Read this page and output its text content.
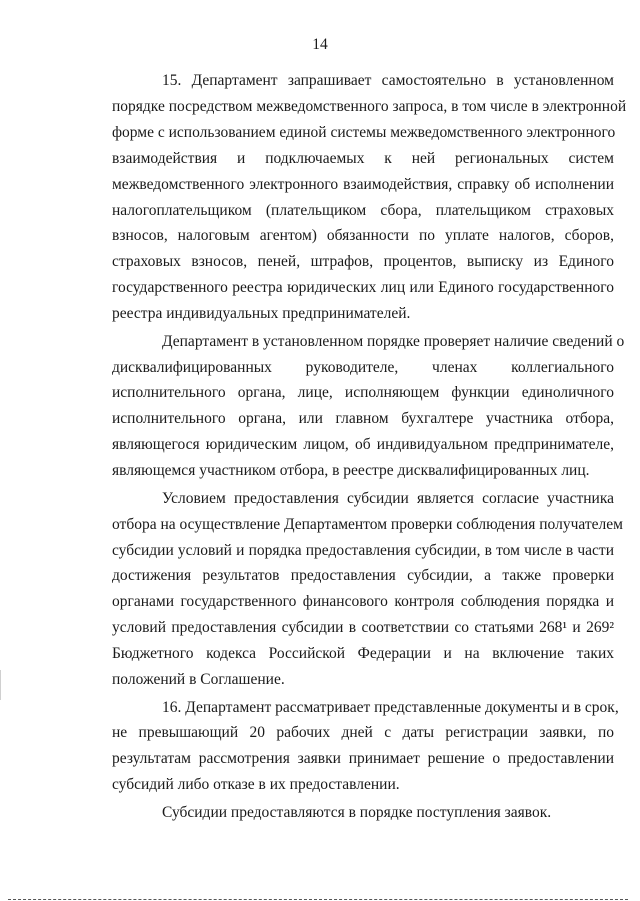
14
15. Департамент запрашивает самостоятельно в установленном
порядке посредством межведомственного запроса, в том числе в электронной
форме с использованием единой системы межведомственного электронного
взаимодействия и подключаемых к ней региональных систем
межведомственного электронного взаимодействия, справку об исполнении
налогоплательщиком (плательщиком сбора, плательщиком страховых
взносов, налоговым агентом) обязанности по уплате налогов, сборов,
страховых взносов, пеней, штрафов, процентов, выписку из Единого
государственного реестра юридических лиц или Единого государственного
реестра индивидуальных предпринимателей.
Департамент в установленном порядке проверяет наличие сведений о
дисквалифицированных руководителе, членах коллегиального
исполнительного органа, лице, исполняющем функции единоличного
исполнительного органа, или главном бухгалтере участника отбора,
являющегося юридическим лицом, об индивидуальном предпринимателе,
являющемся участником отбора, в реестре дисквалифицированных лиц.
Условием предоставления субсидии является согласие участника
отбора на осуществление Департаментом проверки соблюдения получателем
субсидии условий и порядка предоставления субсидии, в том числе в части
достижения результатов предоставления субсидии, а также проверки
органами государственного финансового контроля соблюдения порядка и
условий предоставления субсидии в соответствии со статьями 268¹ и 269²
Бюджетного кодекса Российской Федерации и на включение таких
положений в Соглашение.
16. Департамент рассматривает представленные документы и в срок,
не превышающий 20 рабочих дней с даты регистрации заявки, по
результатам рассмотрения заявки принимает решение о предоставлении
субсидий либо отказе в их предоставлении.
Субсидии предоставляются в порядке поступления заявок.
